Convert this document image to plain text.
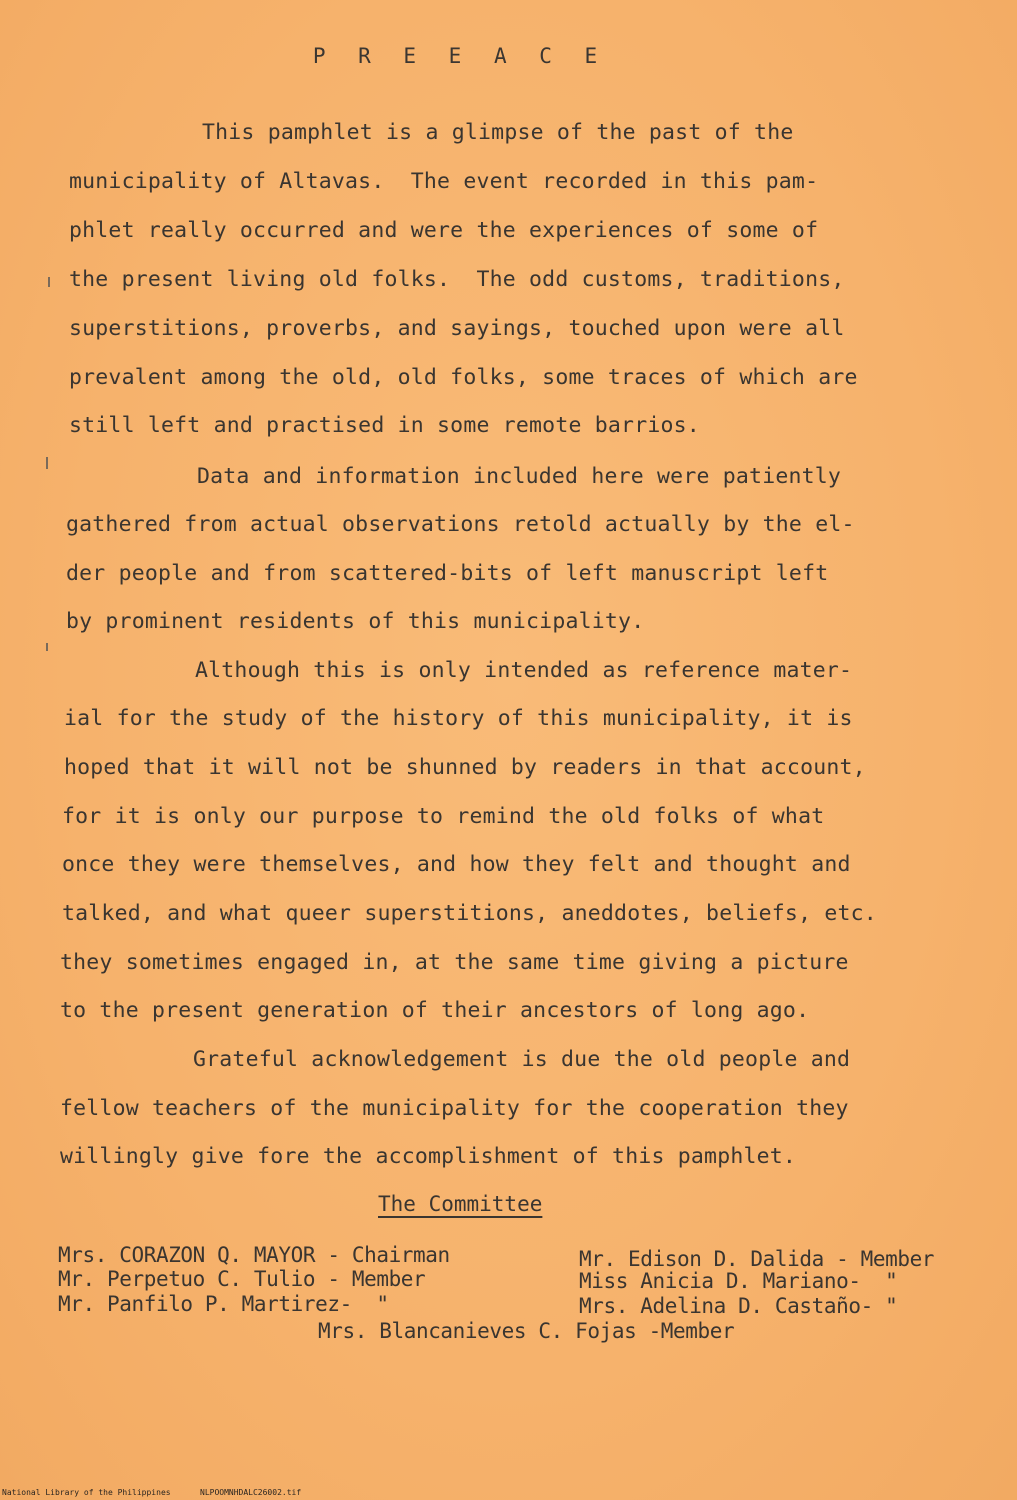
P R E E A C E
This pamphlet is a glimpse of the past of the
municipality of Altavas.  The event recorded in this pam-
phlet really occurred and were the experiences of some of
the present living old folks.  The odd customs, traditions,
superstitions, proverbs, and sayings, touched upon were all
prevalent among the old, old folks, some traces of which are
still left and practised in some remote barrios.
Data and information included here were patiently
gathered from actual observations retold actually by the el-
der people and from scattered-bits of left manuscript left
by prominent residents of this municipality.
Although this is only intended as reference mater-
ial for the study of the history of this municipality, it is
hoped that it will not be shunned by readers in that account,
for it is only our purpose to remind the old folks of what
once they were themselves, and how they felt and thought and
talked, and what queer superstitions, aneddotes, beliefs, etc.
they sometimes engaged in, at the same time giving a picture
to the present generation of their ancestors of long ago.
Grateful acknowledgement is due the old people and
fellow teachers of the municipality for the cooperation they
willingly give fore the accomplishment of this pamphlet.
The Committee
Mrs. CORAZON Q. MAYOR - Chairman
Mr. Perpetuo C. Tulio - Member
Mr. Panfilo P. Martirez-  "
Mr. Edison D. Dalida - Member
Miss Anicia D. Mariano-  "
Mrs. Adelina D. Castaño- "
Mrs. Blancanieves C. Fojas -Member
National Library of the Philippines	NLPOOMNHDALC26002.tif
